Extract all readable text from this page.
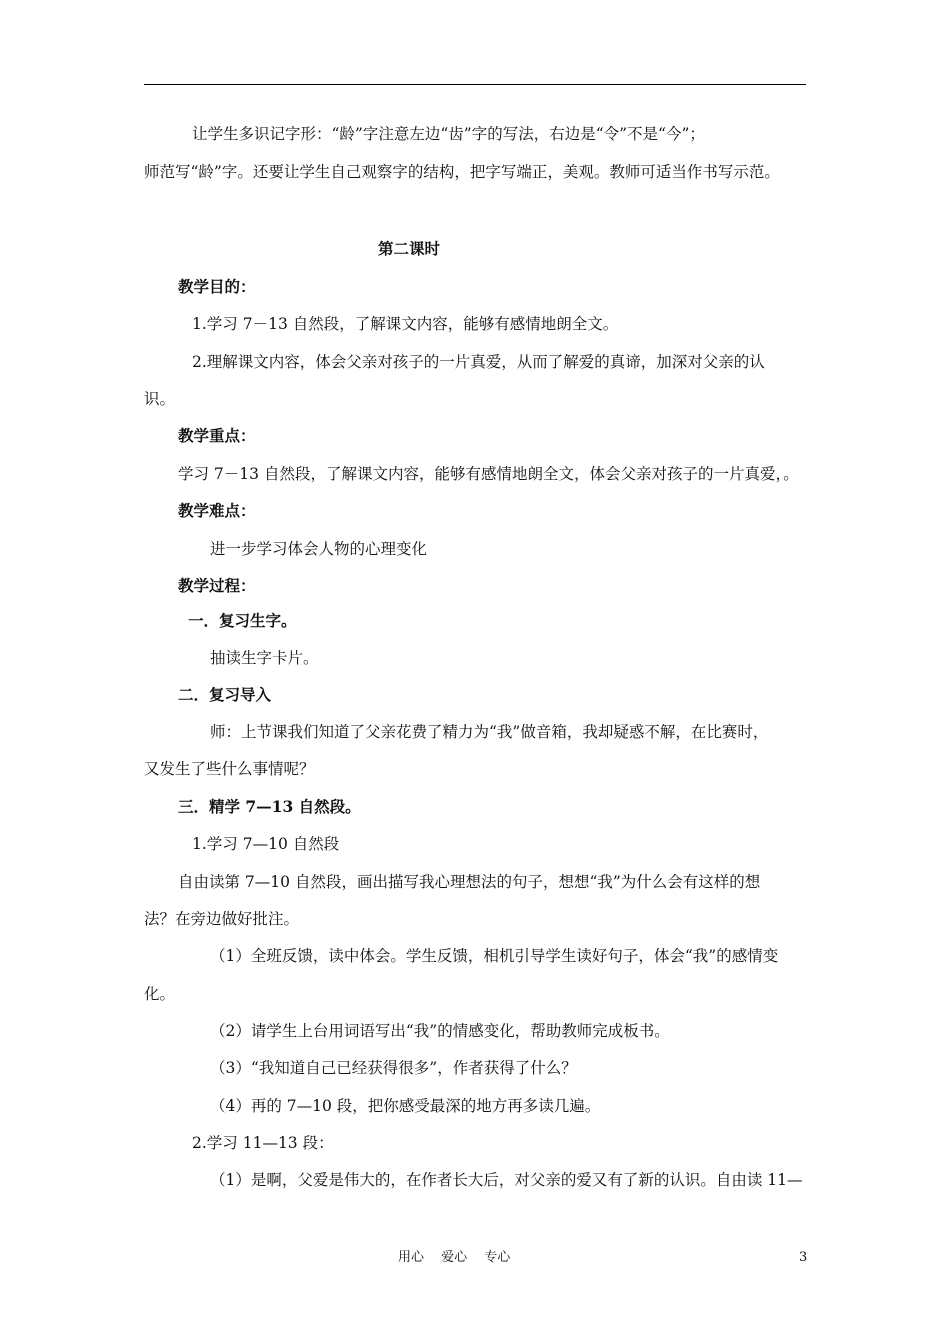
让学生多识记字形：“龄”字注意左边“齿”字的写法，右边是“令”不是“今”；
师范写“龄”字。还要让学生自己观察字的结构，把字写端正，美观。教师可适当作书写示范。
第二课时
教学目的：
1.学习 7－13 自然段，了解课文内容，能够有感情地朗全文。
2.理解课文内容，体会父亲对孩子的一片真爱，从而了解爱的真谛，加深对父亲的认
识。
教学重点：
学习 7－13 自然段，了解课文内容，能够有感情地朗全文，体会父亲对孩子的一片真爱，。
教学难点：
进一步学习体会人物的心理变化
教学过程：
一．复习生字。
抽读生字卡片。
二．复习导入
师：上节课我们知道了父亲花费了精力为“我”做音箱，我却疑惑不解，在比赛时，
又发生了些什么事情呢？
三．精学 7—13 自然段。
1.学习 7—10 自然段
自由读第 7—10 自然段，画出描写我心理想法的句子，想想“我”为什么会有这样的想
法？在旁边做好批注。
（1）全班反馈，读中体会。学生反馈，相机引导学生读好句子，体会“我”的感情变
化。
（2）请学生上台用词语写出“我”的情感变化，帮助教师完成板书。
（3）“我知道自己已经获得很多”，作者获得了什么？
（4）再的 7—10 段，把你感受最深的地方再多读几遍。
2.学习 11—13 段：
（1）是啊，父爱是伟大的，在作者长大后，对父亲的爱又有了新的认识。自由读 11—
用心　 爱心　 专心	3
